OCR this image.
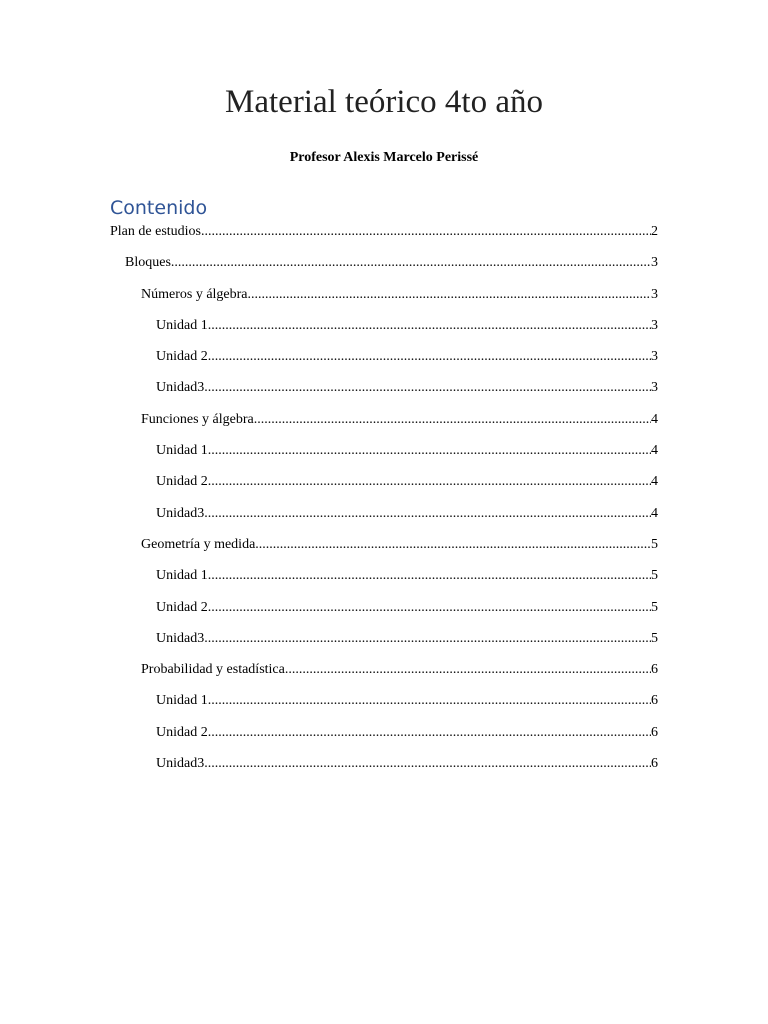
Material teórico 4to año

Profesor Alexis Marcelo Perissé

Contenido
Plan de estudios .....	2
Bloques .....	3
Números y álgebra .....	3
Unidad 1 .....	3
Unidad 2 .....	3
Unidad3 .....	3
Funciones y álgebra .....	4
Unidad 1 .....	4
Unidad 2 .....	4
Unidad3 .....	4
Geometría y medida .....	5
Unidad 1 .....	5
Unidad 2 .....	5
Unidad3 .....	5
Probabilidad y estadística .....	6
Unidad 1 .....	6
Unidad 2 .....	6
Unidad3 .....	6
